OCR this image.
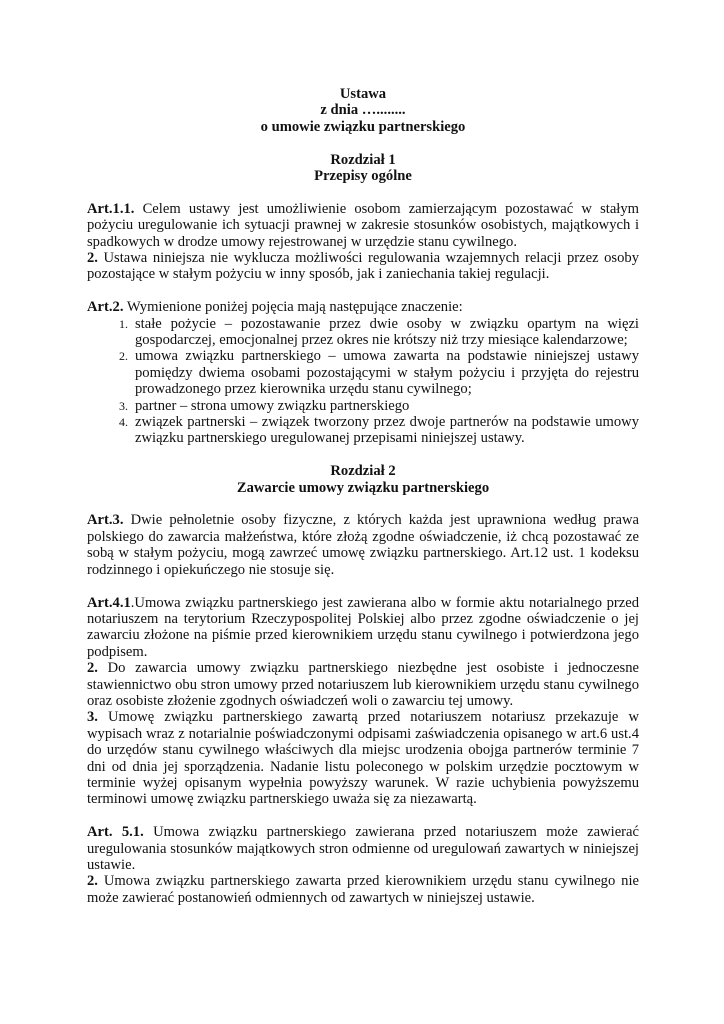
Ustawa
z dnia …........
o umowie związku partnerskiego
Rozdział 1
Przepisy ogólne

Art.1.1. Celem ustawy jest umożliwienie osobom zamierzającym pozostawać w stałym pożyciu uregulowanie ich sytuacji prawnej w zakresie stosunków osobistych, majątkowych i spadkowych w drodze umowy rejestrowanej w urzędzie stanu cywilnego.

2. Ustawa niniejsza nie wyklucza możliwości regulowania wzajemnych relacji przez osoby pozostające w stałym pożyciu w inny sposób, jak i zaniechania takiej regulacji.

Art.2. Wymienione poniżej pojęcia mają następujące znaczenie:

1. stałe pożycie – pozostawanie przez dwie osoby w związku opartym na więzi gospodarczej, emocjonalnej przez okres nie krótszy niż trzy miesiące kalendarzowe;
2. umowa związku partnerskiego – umowa zawarta na podstawie niniejszej ustawy pomiędzy dwiema osobami pozostającymi w stałym pożyciu i przyjęta do rejestru prowadzonego przez kierownika urzędu stanu cywilnego;
3. partner – strona umowy związku partnerskiego
4. związek partnerski – związek tworzony przez dwoje partnerów na podstawie umowy związku partnerskiego uregulowanej przepisami niniejszej ustawy.
Rozdział 2
Zawarcie umowy związku partnerskiego

Art.3. Dwie pełnoletnie osoby fizyczne, z których każda jest uprawniona według prawa polskiego do zawarcia małżeństwa, które złożą zgodne oświadczenie, iż chcą pozostawać ze sobą w stałym pożyciu, mogą zawrzeć umowę związku partnerskiego. Art.12 ust. 1 kodeksu rodzinnego i opiekuńczego nie stosuje się.

Art.4.1.Umowa związku partnerskiego jest zawierana albo w formie aktu notarialnego przed notariuszem na terytorium Rzeczypospolitej Polskiej albo przez zgodne oświadczenie o jej zawarciu złożone na piśmie przed kierownikiem urzędu stanu cywilnego i potwierdzona jego podpisem.

2. Do zawarcia umowy związku partnerskiego niezbędne jest osobiste i jednoczesne stawiennictwo obu stron umowy przed notariuszem lub kierownikiem urzędu stanu cywilnego oraz osobiste złożenie zgodnych oświadczeń woli o zawarciu tej umowy.

3. Umowę związku partnerskiego zawartą przed notariuszem notariusz przekazuje w wypisach wraz z notarialnie poświadczonymi odpisami zaświadczenia opisanego w art.6 ust.4 do urzędów stanu cywilnego właściwych dla miejsc urodzenia obojga partnerów terminie 7 dni od dnia jej sporządzenia. Nadanie listu poleconego w polskim urzędzie pocztowym w terminie wyżej opisanym wypełnia powyższy warunek. W razie uchybienia powyższemu terminowi umowę związku partnerskiego uważa się za niezawartą.

Art. 5.1. Umowa związku partnerskiego zawierana przed notariuszem może zawierać uregulowania stosunków majątkowych stron odmienne od uregulowań zawartych w niniejszej ustawie.

2. Umowa związku partnerskiego zawarta przed kierownikiem urzędu stanu cywilnego nie może zawierać postanowień odmiennych od zawartych w niniejszej ustawie.
